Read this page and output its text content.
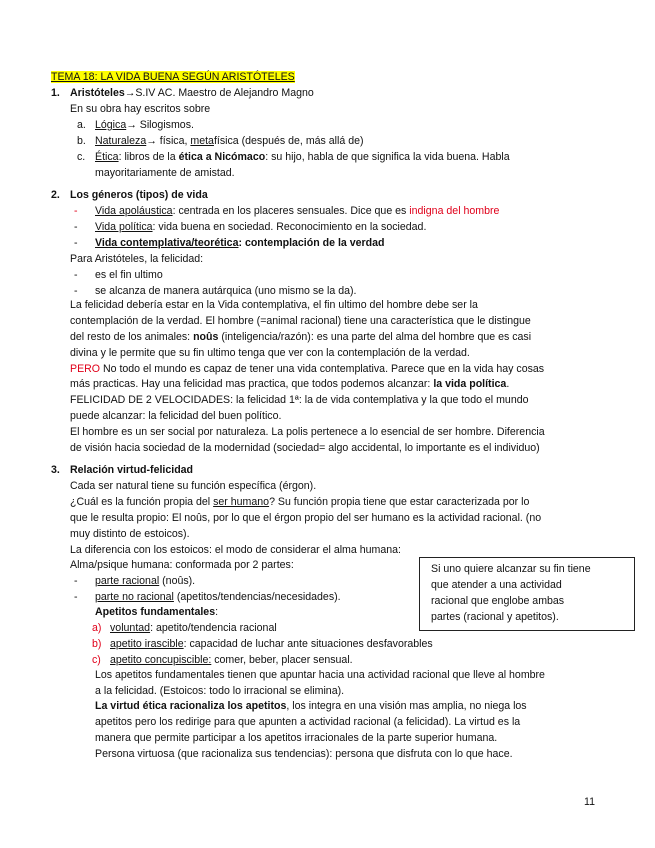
TEMA 18: LA VIDA BUENA SEGÚN ARISTÓTELES
1. Aristóteles→S.IV AC. Maestro de Alejandro Magno
En su obra hay escritos sobre
a. Lógica→ Silogismos.
b. Naturaleza→ física, metafísica (después de, más allá de)
c. Ética: libros de la ética a Nicómaco: su hijo, habla de que significa la vida buena. Habla
mayoritariamente de amistad.
2. Los géneros (tipos) de vida
- Vida apoláustica: centrada en los placeres sensuales. Dice que es indigna del hombre
- Vida política: vida buena en sociedad. Reconocimiento en la sociedad.
- Vida contemplativa/teorética: contemplación de la verdad
Para Aristóteles, la felicidad:
- es el fin ultimo
- se alcanza de manera autárquica (uno mismo se la da).
La felicidad debería estar en la Vida contemplativa, el fin ultimo del hombre debe ser la
contemplación de la verdad. El hombre (=animal racional) tiene una característica que le distingue
del resto de los animales: noûs (inteligencia/razón): es una parte del alma del hombre que es casi
divina y le permite que su fin ultimo tenga que ver con la contemplación de la verdad.
PERO No todo el mundo es capaz de tener una vida contemplativa. Parece que en la vida hay cosas
más practicas. Hay una felicidad mas practica, que todos podemos alcanzar: la vida política.
FELICIDAD DE 2 VELOCIDADES: la felicidad 1ª: la de vida contemplativa y la que todo el mundo
puede alcanzar: la felicidad del buen político.
El hombre es un ser social por naturaleza. La polis pertenece a lo esencial de ser hombre. Diferencia
de visión hacia sociedad de la modernidad (sociedad= algo accidental, lo importante es el individuo)
3. Relación virtud-felicidad
Cada ser natural tiene su función específica (érgon).
¿Cuál es la función propia del ser humano? Su función propia tiene que estar caracterizada por lo
que le resulta propio: El noûs, por lo que el érgon propio del ser humano es la actividad racional. (no
muy distinto de estoicos).
La diferencia con los estoicos: el modo de considerar el alma humana:
Alma/psique humana: conformada por 2 partes:
- parte racional (noûs).
- parte no racional (apetitos/tendencias/necesidades).
Apetitos fundamentales:
a) voluntad: apetito/tendencia racional
b) apetito irascible: capacidad de luchar ante situaciones desfavorables
c) apetito concupiscible: comer, beber, placer sensual.
Los apetitos fundamentales tienen que apuntar hacia una actividad racional que lleve al hombre
a la felicidad. (Estoicos: todo lo irracional se elimina).
La virtud ética racionaliza los apetitos, los integra en una visión mas amplia, no niega los
apetitos pero los redirige para que apunten a actividad racional (a felicidad). La virtud es la
manera que permite participar a los apetitos irracionales de la parte superior humana.
Persona virtuosa (que racionaliza sus tendencias): persona que disfruta con lo que hace.
Si uno quiere alcanzar su fin tiene
que atender a una actividad
racional que englobe ambas
partes (racional y apetitos).
11
